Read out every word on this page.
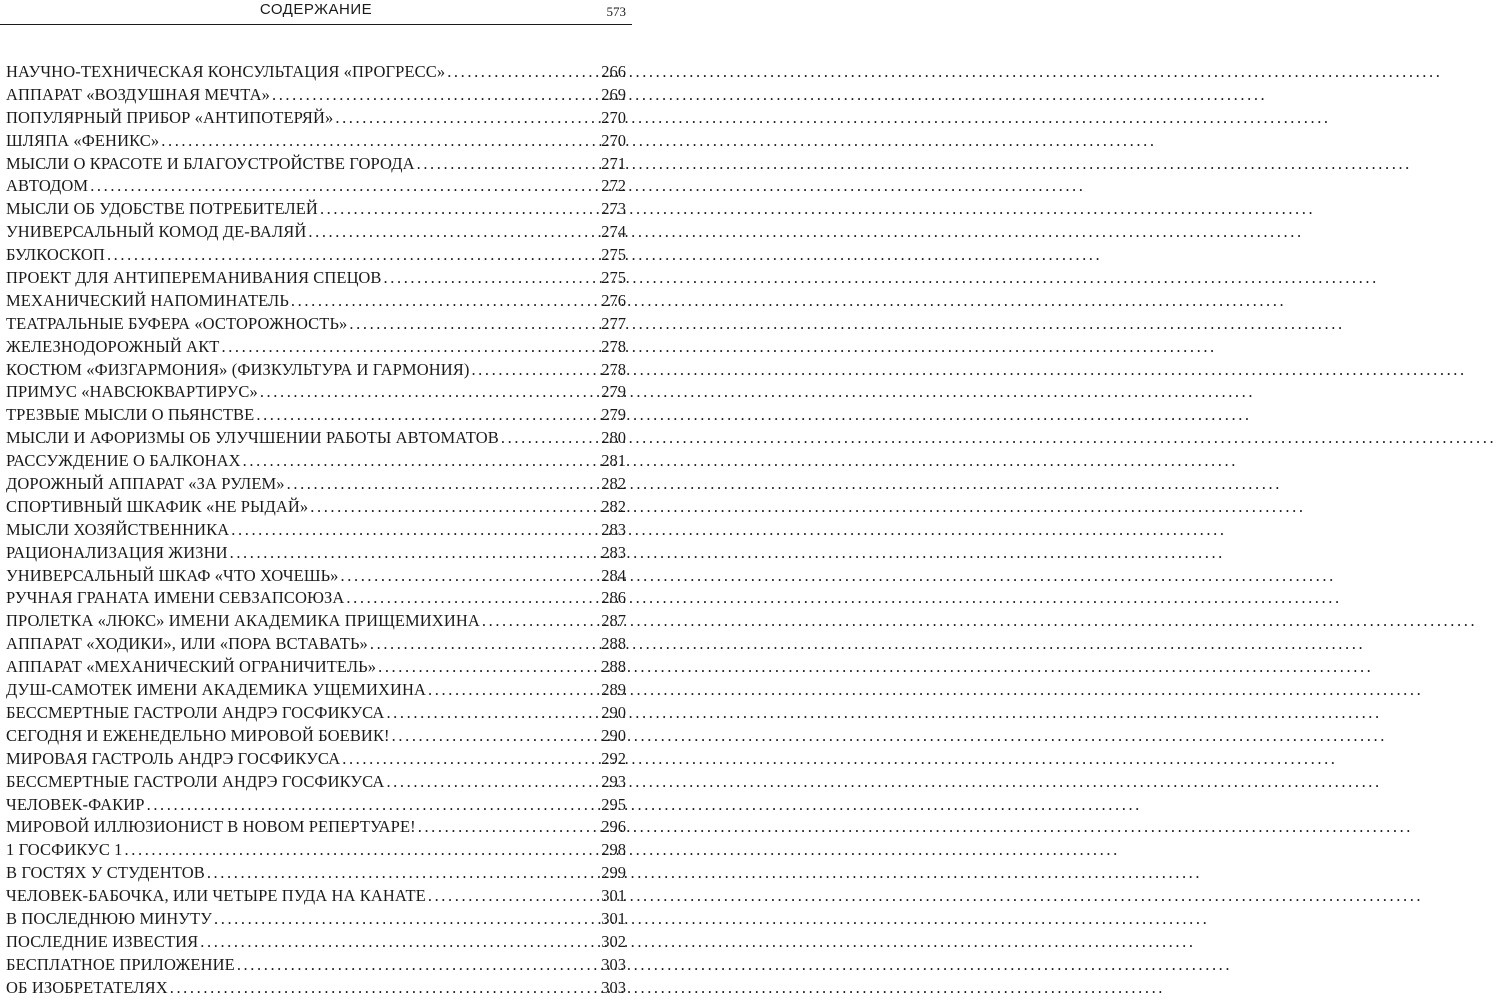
СОДЕРЖАНИЕ	573
НАУЧНО-ТЕХНИЧЕСКАЯ КОНСУЛЬТАЦИЯ «ПРОГРЕСС» .....	266
АППАРАТ «ВОЗДУШНАЯ МЕЧТА» .....	269
ПОПУЛЯРНЫЙ ПРИБОР «АНТИПОТЕРЯЙ» .....	270
ШЛЯПА «ФЕНИКС» .....	270
МЫСЛИ О КРАСОТЕ И БЛАГОУСТРОЙСТВЕ ГОРОДА .....	271
АВТОДОМ .....	272
МЫСЛИ ОБ УДОБСТВЕ ПОТРЕБИТЕЛЕЙ .....	273
УНИВЕРСАЛЬНЫЙ КОМОД ДЕ-ВАЛЯЙ .....	274
БУЛКОСКОП .....	275
ПРОЕКТ ДЛЯ АНТИПЕРЕМАНИВАНИЯ СПЕЦОВ .....	275
МЕХАНИЧЕСКИЙ НАПОМИНАТЕЛЬ .....	276
ТЕАТРАЛЬНЫЕ БУФЕРА «ОСТОРОЖНОСТЬ» .....	277
ЖЕЛЕЗНОДОРОЖНЫЙ АКТ .....	278
КОСТЮМ «ФИЗГАРМОНИЯ» (ФИЗКУЛЬТУРА И ГАРМОНИЯ) .....	278
ПРИМУС «НАВСЮКВАРТИРУС» .....	279
ТРЕЗВЫЕ МЫСЛИ О ПЬЯНСТВЕ .....	279
МЫСЛИ И АФОРИЗМЫ ОБ УЛУЧШЕНИИ РАБОТЫ АВТОМАТОВ .....	280
РАССУЖДЕНИЕ О БАЛКОНАХ .....	281
ДОРОЖНЫЙ АППАРАТ «ЗА РУЛЕМ» .....	282
СПОРТИВНЫЙ ШКАФИК «НЕ РЫДАЙ» .....	282
МЫСЛИ ХОЗЯЙСТВЕННИКА .....	283
РАЦИОНАЛИЗАЦИЯ ЖИЗНИ .....	283
УНИВЕРСАЛЬНЫЙ ШКАФ «ЧТО ХОЧЕШЬ» .....	284
РУЧНАЯ ГРАНАТА ИМЕНИ СЕВЗАПСОЮЗА .....	286
ПРОЛЕТКА «ЛЮКС» ИМЕНИ АКАДЕМИКА ПРИЩЕМИХИНА .....	287
АППАРАТ «ХОДИКИ», ИЛИ «ПОРА ВСТАВАТЬ» .....	288
АППАРАТ «МЕХАНИЧЕСКИЙ ОГРАНИЧИТЕЛЬ» .....	288
ДУШ-САМОТЕК ИМЕНИ АКАДЕМИКА УЩЕМИХИНА .....	289
БЕССМЕРТНЫЕ ГАСТРОЛИ АНДРЭ ГОСФИКУСА .....	290
СЕГОДНЯ И ЕЖЕНЕДЕЛЬНО МИРОВОЙ БОЕВИК! .....	290
МИРОВАЯ ГАСТРОЛЬ АНДРЭ ГОСФИКУСА .....	292
БЕССМЕРТНЫЕ ГАСТРОЛИ АНДРЭ ГОСФИКУСА .....	293
ЧЕЛОВЕК-ФАКИР .....	295
МИРОВОЙ ИЛЛЮЗИОНИСТ В НОВОМ РЕПЕРТУАРЕ! .....	296
1 ГОСФИКУС 1 .....	298
В ГОСТЯХ У СТУДЕНТОВ .....	299
ЧЕЛОВЕК-БАБОЧКА, ИЛИ ЧЕТЫРЕ ПУДА НА КАНАТЕ .....	301
В ПОСЛЕДНЮЮ МИНУТУ .....	301
ПОСЛЕДНИЕ ИЗВЕСТИЯ .....	302
БЕСПЛАТНОЕ ПРИЛОЖЕНИЕ .....	303
ОБ ИЗОБРЕТАТЕЛЯХ .....	303
